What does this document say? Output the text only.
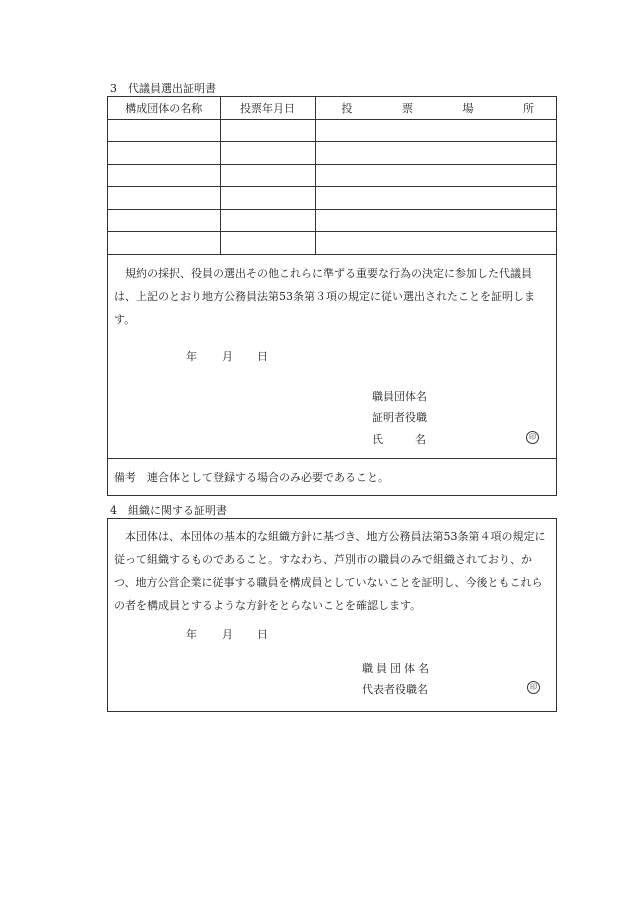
3　代議員選出証明書
構成団体の名称	投票年月日	投 票 場 所

規約の採択、役員の選出その他これらに準ずる重要な行為の決定に参加した代議員は、上記のとおり地方公務員法第53条第３項の規定に従い選出されたことを証明します。
年 月 日
職員団体名
証明者役職
氏	名	印
備考　連合体として登録する場合のみ必要であること。
4　組織に関する証明書
本団体は、本団体の基本的な組織方針に基づき、地方公務員法第53条第４項の規定に従って組織するものであること。すなわち、芦別市の職員のみで組織されており、かつ、地方公営企業に従事する職員を構成員としていないことを証明し、今後ともこれらの者を構成員とするような方針をとらないことを確認します。
年 月 日
職員団体名
代表者役職名	印
